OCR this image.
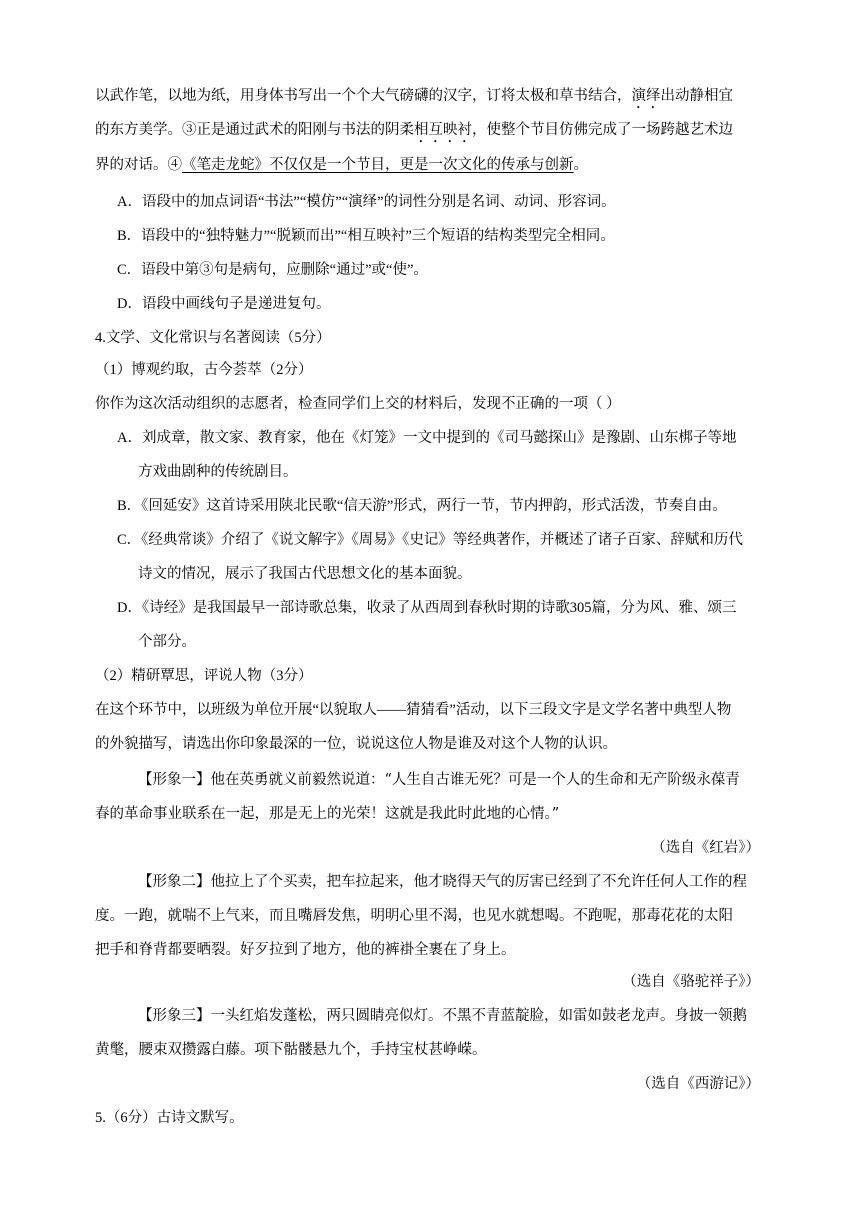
以武作笔，以地为纸，用身体书写出一个个大气磅礴的汉字，订将太极和草书结合，演绎出动静相宜
的东方美学。③正是通过武术的阳刚与书法的阴柔相互映衬，使整个节目仿佛完成了一场跨越艺术边
界的对话。④《笔走龙蛇》不仅仅是一个节目，更是一次文化的传承与创新。
A．语段中的加点词语“书法”“模仿”“演绎”的词性分别是名词、动词、形容词。
B．语段中的“独特魅力”“脱颖而出”“相互映衬”三个短语的结构类型完全相同。
C．语段中第③句是病句，应删除“通过”或“使”。
D．语段中画线句子是递进复句。
4.文学、文化常识与名著阅读（5分）
（1）博观约取，古今荟萃（2分）
你作为这次活动组织的志愿者，检查同学们上交的材料后，发现不正确的一项（ ）
A．刘成章，散文家、教育家，他在《灯笼》一文中提到的《司马懿探山》是豫剧、山东梆子等地
方戏曲剧种的传统剧目。
B．《回延安》这首诗采用陕北民歌“信天游”形式，两行一节，节内押韵，形式活泼，节奏自由。
C．《经典常谈》介绍了《说文解字》《周易》《史记》等经典著作，并概述了诸子百家、辞赋和历代
诗文的情况，展示了我国古代思想文化的基本面貌。
D．《诗经》是我国最早一部诗歌总集，收录了从西周到春秋时期的诗歌305篇，分为风、雅、颂三
个部分。
（2）精研覃思，评说人物（3分）
在这个环节中，以班级为单位开展“以貌取人——猜猜看”活动，以下三段文字是文学名著中典型人物
的外貌描写，请选出你印象最深的一位，说说这位人物是谁及对这个人物的认识。
【形象一】他在英勇就义前毅然说道：“人生自古谁无死？可是一个人的生命和无产阶级永葆青
春的革命事业联系在一起，那是无上的光荣！这就是我此时此地的心情。”
（选自《红岩》）
【形象二】他拉上了个买卖，把车拉起来，他才晓得天气的厉害已经到了不允许任何人工作的程
度。一跑，就喘不上气来，而且嘴唇发焦，明明心里不渴，也见水就想喝。不跑呢，那毒花花的太阳
把手和脊背都要晒裂。好歹拉到了地方，他的裤褂全裹在了身上。
（选自《骆驼祥子》）
【形象三】一头红焰发蓬松，两只圆睛亮似灯。不黑不青蓝靛脸，如雷如鼓老龙声。身披一领鹅
黄氅，腰束双攒露白藤。项下骷髅悬九个，手持宝杖甚峥嵘。
（选自《西游记》）
5.（6分）古诗文默写。
